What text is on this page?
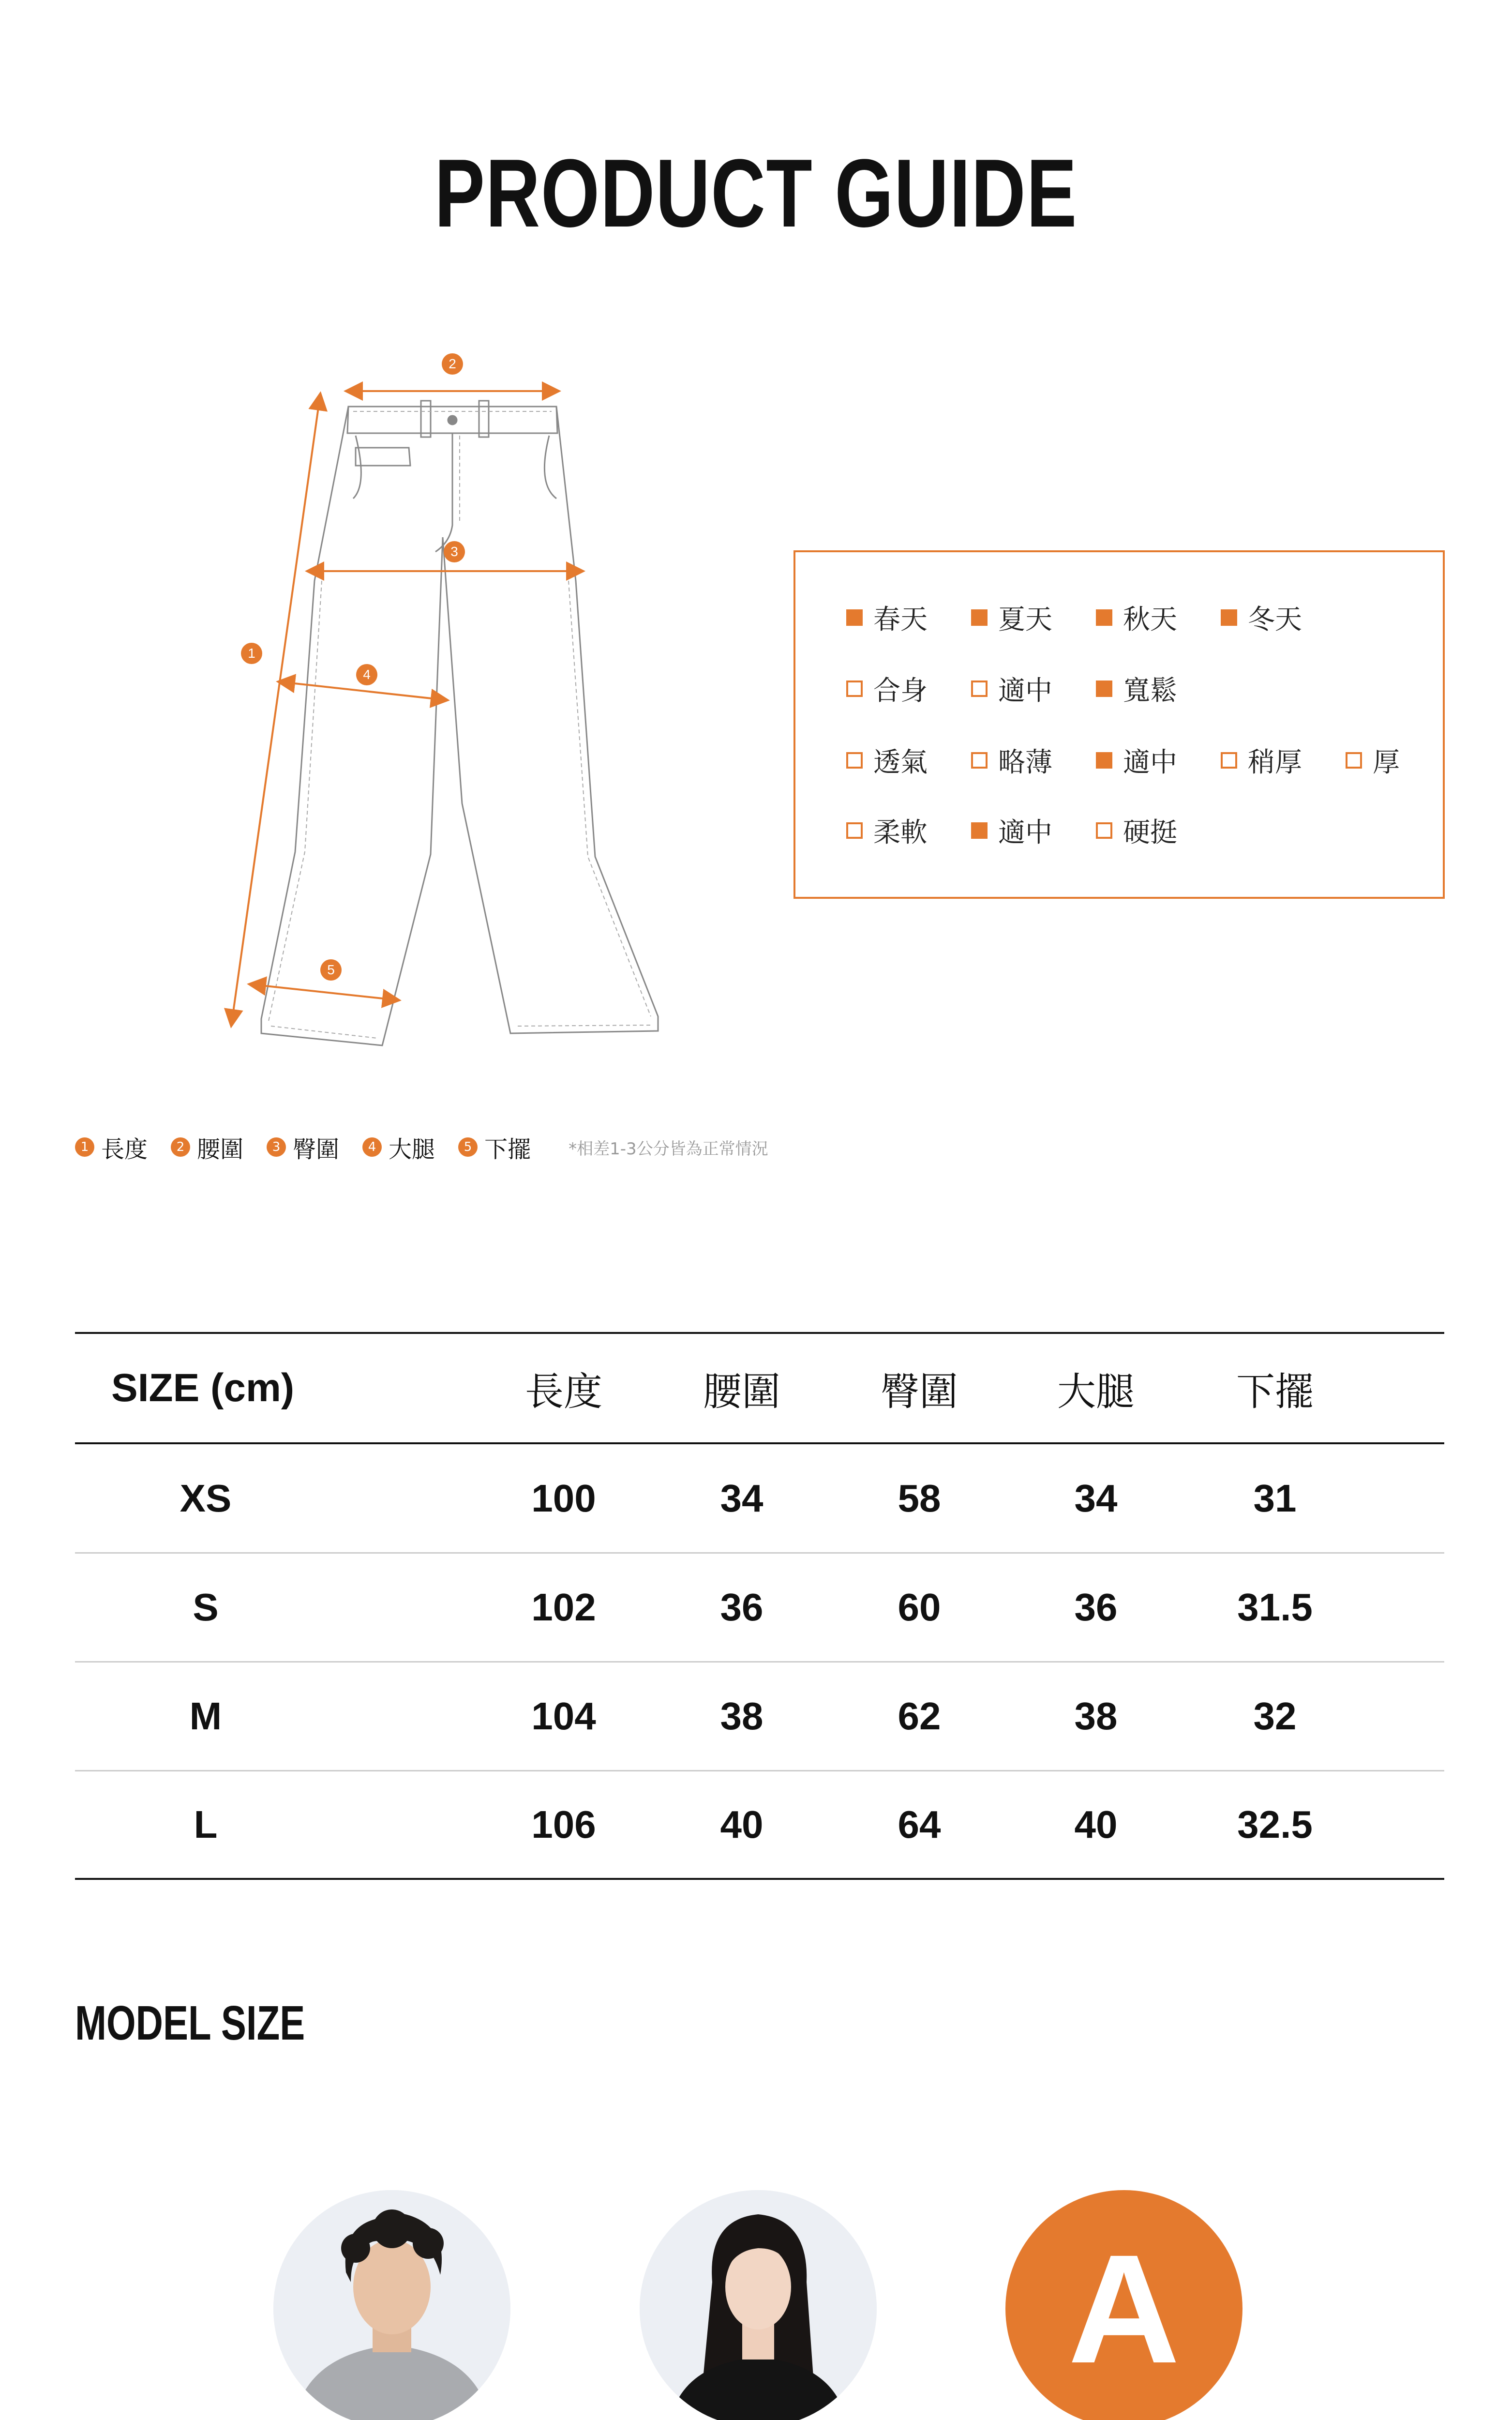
PRODUCT GUIDE
2
1
3
4
5
春天	夏天	秋天	冬天
合身	適中	寬鬆
透氣	略薄	適中	稍厚	厚
柔軟	適中	硬挺
1 長度	2 腰圍	3 臀圍	4 大腿	5 下擺 *相差1-3公分皆為正常情況
SIZE (cm)	長度	腰圍	臀圍	大腿	下擺
XS	100	34	58	34	31
S	102	36	60	36	31.5
M	104	38	62	38	32
L	106	40	64	40	32.5
MODEL SIZE
A
